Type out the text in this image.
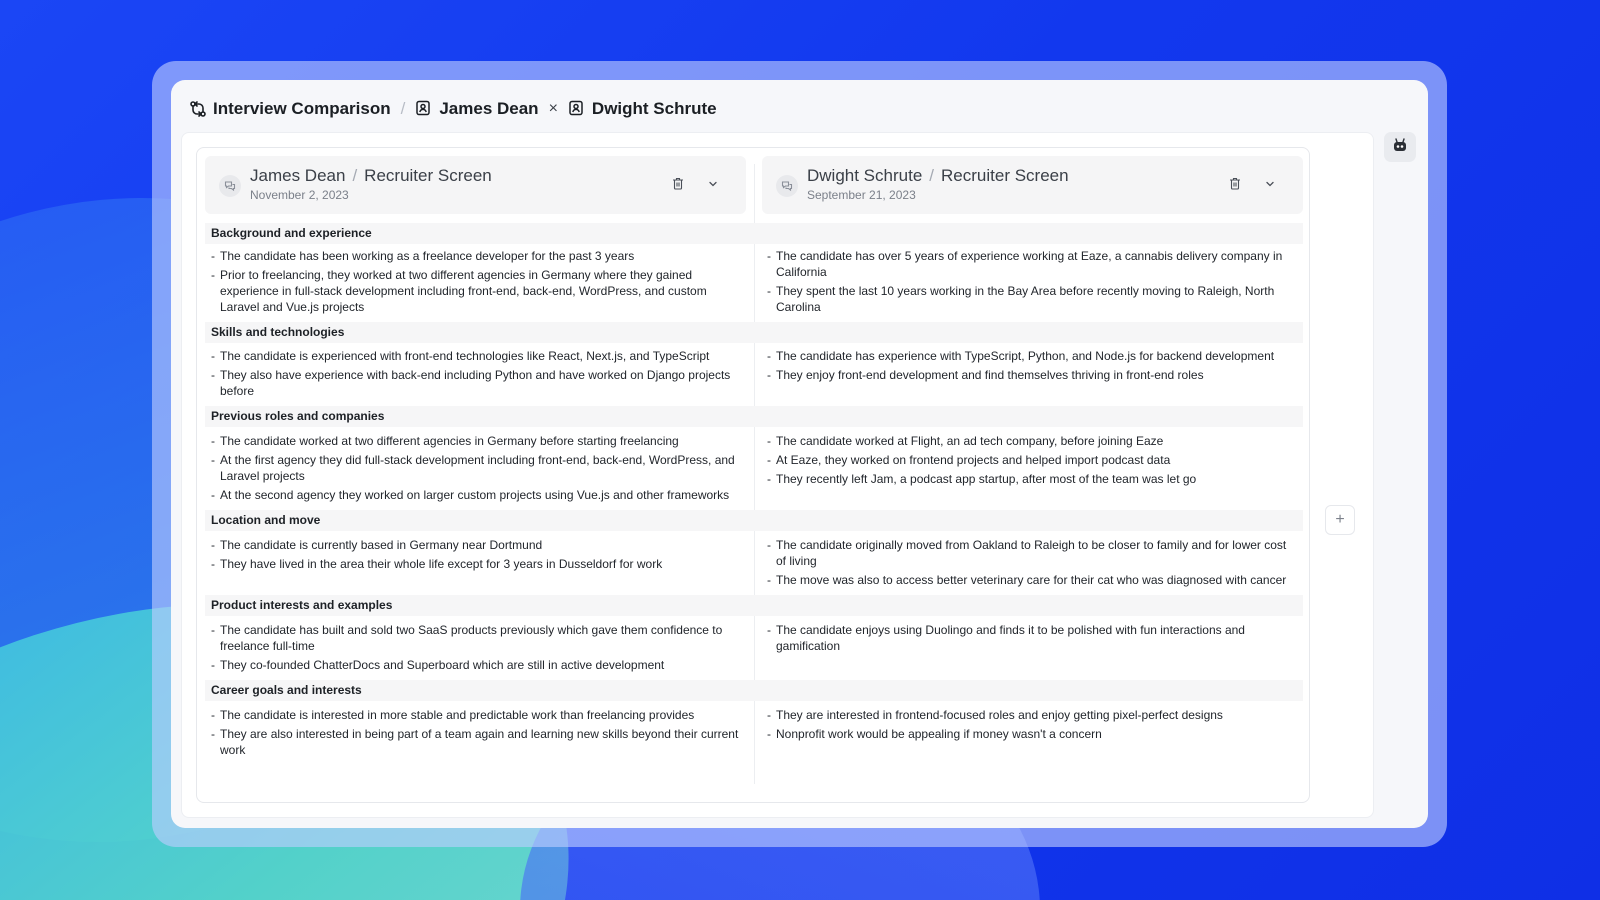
Interview Comparison / James Dean × Dwight Schrute
James Dean / Recruiter Screen
November 2, 2023
Dwight Schrute / Recruiter Screen
September 21, 2023
Background and experience
- The candidate has been working as a freelance developer for the past 3 years
- Prior to freelancing, they worked at two different agencies in Germany where they gained experience in full-stack development including front-end, back-end, WordPress, and custom Laravel and Vue.js projects
- The candidate has over 5 years of experience working at Eaze, a cannabis delivery company in California
- They spent the last 10 years working in the Bay Area before recently moving to Raleigh, North Carolina
Skills and technologies
- The candidate is experienced with front-end technologies like React, Next.js, and TypeScript
- They also have experience with back-end including Python and have worked on Django projects before
- The candidate has experience with TypeScript, Python, and Node.js for backend development
- They enjoy front-end development and find themselves thriving in front-end roles
Previous roles and companies
- The candidate worked at two different agencies in Germany before starting freelancing
- At the first agency they did full-stack development including front-end, back-end, WordPress, and Laravel projects
- At the second agency they worked on larger custom projects using Vue.js and other frameworks
- The candidate worked at Flight, an ad tech company, before joining Eaze
- At Eaze, they worked on frontend projects and helped import podcast data
- They recently left Jam, a podcast app startup, after most of the team was let go
Location and move
- The candidate is currently based in Germany near Dortmund
- They have lived in the area their whole life except for 3 years in Dusseldorf for work
- The candidate originally moved from Oakland to Raleigh to be closer to family and for lower cost of living
- The move was also to access better veterinary care for their cat who was diagnosed with cancer
Product interests and examples
- The candidate has built and sold two SaaS products previously which gave them confidence to freelance full-time
- They co-founded ChatterDocs and Superboard which are still in active development
- The candidate enjoys using Duolingo and finds it to be polished with fun interactions and gamification
Career goals and interests
- The candidate is interested in more stable and predictable work than freelancing provides
- They are also interested in being part of a team again and learning new skills beyond their current work
- They are interested in frontend-focused roles and enjoy getting pixel-perfect designs
- Nonprofit work would be appealing if money wasn't a concern
+
